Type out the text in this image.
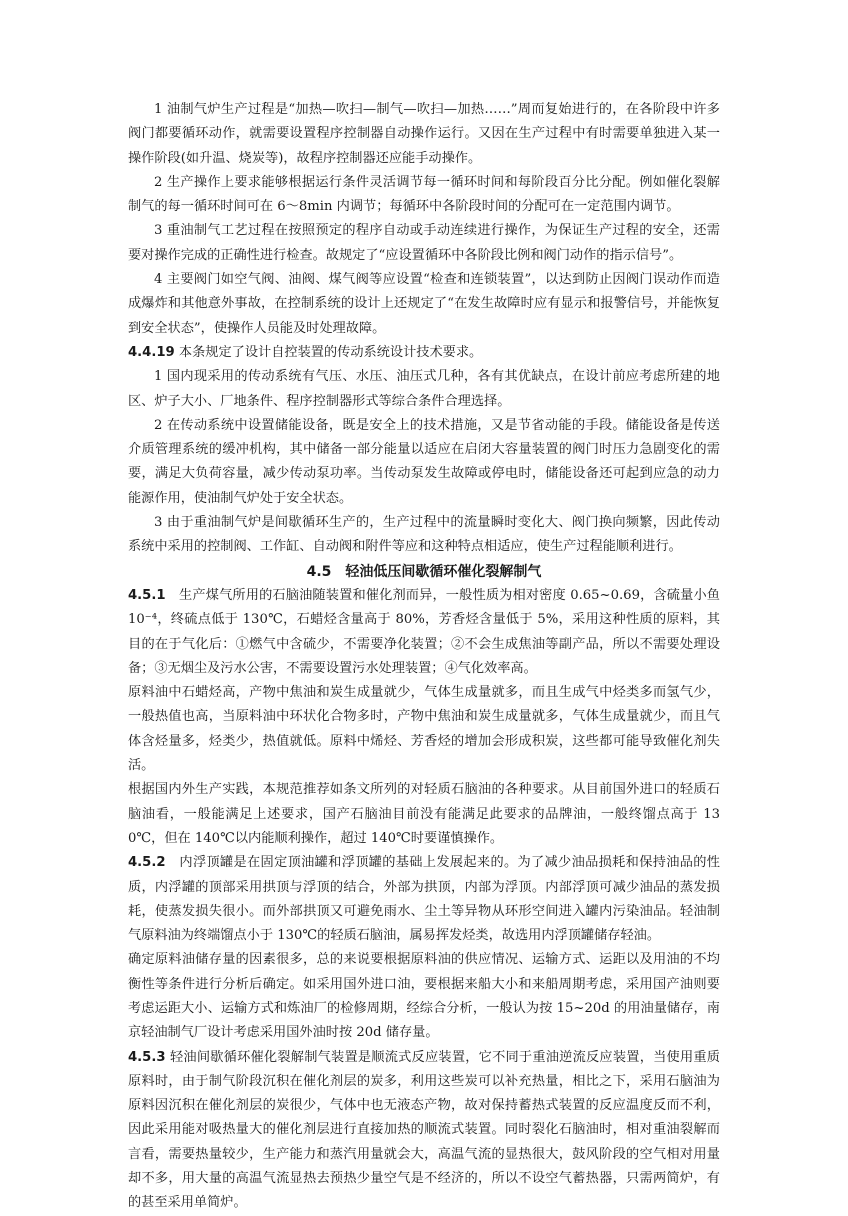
1 油制气炉生产过程是“加热—吹扫—制气—吹扫—加热……”周而复始进行的，在各阶段中许多阀门都要循环动作，就需要设置程序控制器自动操作运行。又因在生产过程中有时需要单独进入某一操作阶段(如升温、烧炭等)，故程序控制器还应能手动操作。

2 生产操作上要求能够根据运行条件灵活调节每一循环时间和每阶段百分比分配。例如催化裂解制气的每一循环时间可在 6～8min 内调节；每循环中各阶段时间的分配可在一定范围内调节。

3 重油制气工艺过程在按照预定的程序自动或手动连续进行操作，为保证生产过程的安全，还需要对操作完成的正确性进行检查。故规定了“应设置循环中各阶段比例和阀门动作的指示信号”。

4 主要阀门如空气阀、油阀、煤气阀等应设置“检查和连锁装置”，以达到防止因阀门误动作而造成爆炸和其他意外事故，在控制系统的设计上还规定了“在发生故障时应有显示和报警信号，并能恢复到安全状态”，使操作人员能及时处理故障。

4.4.19 本条规定了设计自控装置的传动系统设计技术要求。

1 国内现采用的传动系统有气压、水压、油压式几种，各有其优缺点，在设计前应考虑所建的地区、炉子大小、厂地条件、程序控制器形式等综合条件合理选择。

2 在传动系统中设置储能设备，既是安全上的技术措施，又是节省动能的手段。储能设备是传送介质管理系统的缓冲机构，其中储备一部分能量以适应在启闭大容量装置的阀门时压力急剧变化的需要，满足大负荷容量，减少传动泵功率。当传动泵发生故障或停电时，储能设备还可起到应急的动力能源作用，使油制气炉处于安全状态。

3 由于重油制气炉是间歇循环生产的，生产过程中的流量瞬时变化大、阀门换向频繁，因此传动系统中采用的控制阀、工作缸、自动阀和附件等应和这种特点相适应，使生产过程能顺利进行。

4.5　轻油低压间歇循环催化裂解制气

4.5.1　生产煤气所用的石脑油随装置和催化剂而异，一般性质为相对密度 0.65~0.69，含硫量小鱼 10⁻⁴，终硫点低于 130℃，石蜡烃含量高于 80%，芳香烃含量低于 5%，采用这种性质的原料，其目的在于气化后：①燃气中含硫少，不需要净化装置；②不会生成焦油等副产品，所以不需要处理设备；③无烟尘及污水公害，不需要设置污水处理装置；④气化效率高。

原料油中石蜡烃高，产物中焦油和炭生成量就少，气体生成量就多，而且生成气中烃类多而氢气少，一般热值也高，当原料油中环状化合物多时，产物中焦油和炭生成量就多，气体生成量就少，而且气体含烃量多，烃类少，热值就低。原料中烯烃、芳香烃的增加会形成积炭，这些都可能导致催化剂失活。

根据国内外生产实践，本规范推荐如条文所列的对轻质石脑油的各种要求。从目前国外进口的轻质石脑油看，一般能满足上述要求，国产石脑油目前没有能满足此要求的品牌油，一般终馏点高于 130℃，但在 140℃以内能顺利操作，超过 140℃时要谨慎操作。

4.5.2　内浮顶罐是在固定顶油罐和浮顶罐的基础上发展起来的。为了减少油品损耗和保持油品的性质，内浮罐的顶部采用拱顶与浮顶的结合，外部为拱顶，内部为浮顶。内部浮顶可减少油品的蒸发损耗，使蒸发损失很小。而外部拱顶又可避免雨水、尘土等异物从环形空间进入罐内污染油品。轻油制气原料油为终端馏点小于 130℃的轻质石脑油，属易挥发烃类，故选用内浮顶罐储存轻油。

确定原料油储存量的因素很多，总的来说要根据原料油的供应情况、运输方式、运距以及用油的不均衡性等条件进行分析后确定。如采用国外进口油，要根据来船大小和来船周期考虑，采用国产油则要考虑运距大小、运输方式和炼油厂的检修周期，经综合分析，一般认为按 15~20d 的用油量储存，南京轻油制气厂设计考虑采用国外油时按 20d 储存量。

4.5.3 轻油间歇循环催化裂解制气装置是顺流式反应装置，它不同于重油逆流反应装置，当使用重质原料时，由于制气阶段沉积在催化剂层的炭多，利用这些炭可以补充热量，相比之下，采用石脑油为原料因沉积在催化剂层的炭很少，气体中也无液态产物，故对保持蓄热式装置的反应温度反而不利，因此采用能对吸热量大的催化剂层进行直接加热的顺流式装置。同时裂化石脑油时，相对重油裂解而言看，需要热量较少，生产能力和蒸汽用量就会大，高温气流的显热很大，鼓风阶段的空气相对用量却不多，用大量的高温气流显热去预热少量空气是不经济的，所以不设空气蓄热器，只需两简炉，有的甚至采用单简炉。
